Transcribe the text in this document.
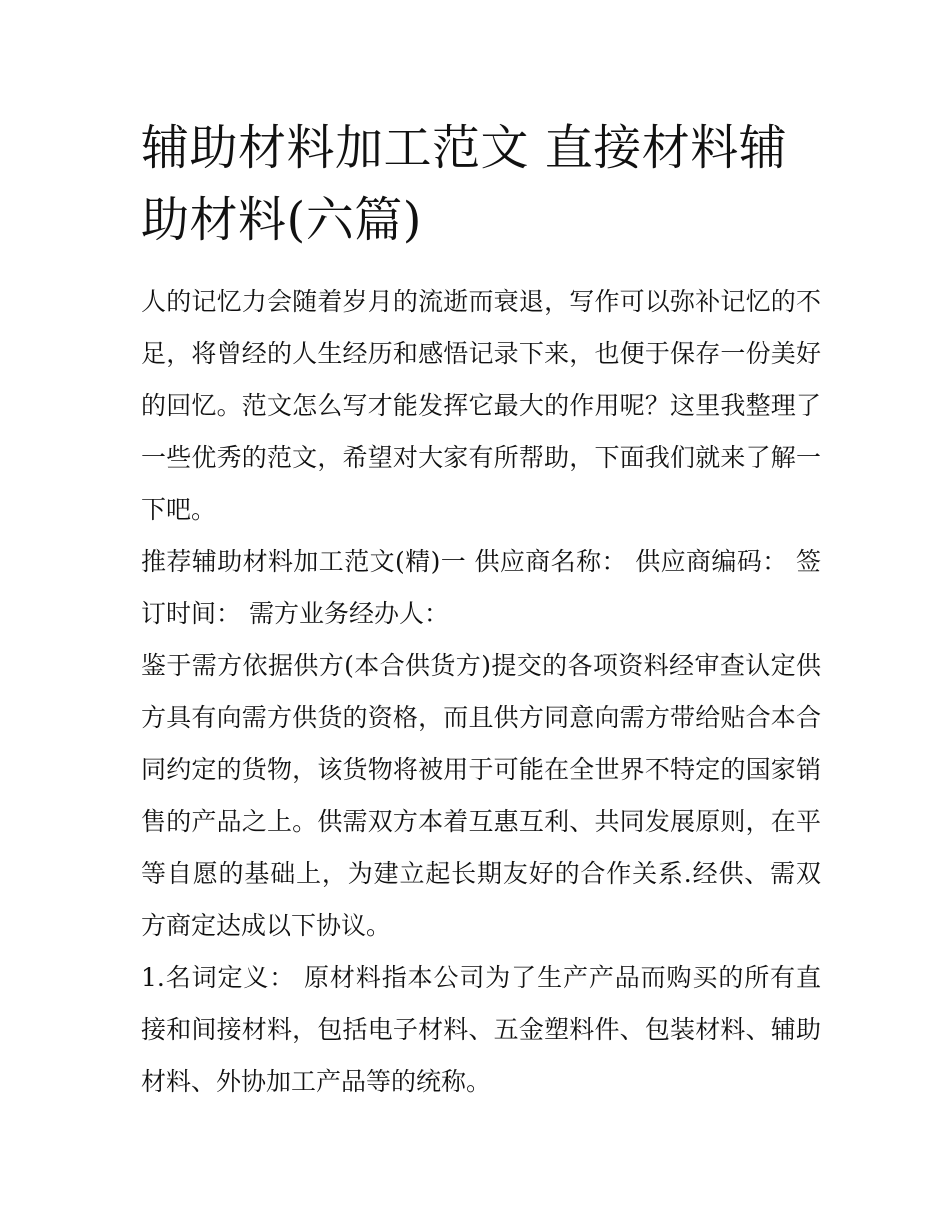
辅助材料加工范文 直接材料辅助材料(六篇)

人的记忆力会随着岁月的流逝而衰退，写作可以弥补记忆的不足，将曾经的人生经历和感悟记录下来，也便于保存一份美好的回忆。范文怎么写才能发挥它最大的作用呢？这里我整理了一些优秀的范文，希望对大家有所帮助，下面我们就来了解一下吧。

推荐辅助材料加工范文(精)一 供应商名称： 供应商编码： 签订时间： 需方业务经办人：

鉴于需方依据供方(本合供货方)提交的各项资料经审查认定供方具有向需方供货的资格，而且供方同意向需方带给贴合本合同约定的货物，该货物将被用于可能在全世界不特定的国家销售的产品之上。供需双方本着互惠互利、共同发展原则，在平等自愿的基础上，为建立起长期友好的合作关系.经供、需双方商定达成以下协议。

1.名词定义： 原材料指本公司为了生产产品而购买的所有直接和间接材料，包括电子材料、五金塑料件、包装材料、辅助材料、外协加工产品等的统称。
